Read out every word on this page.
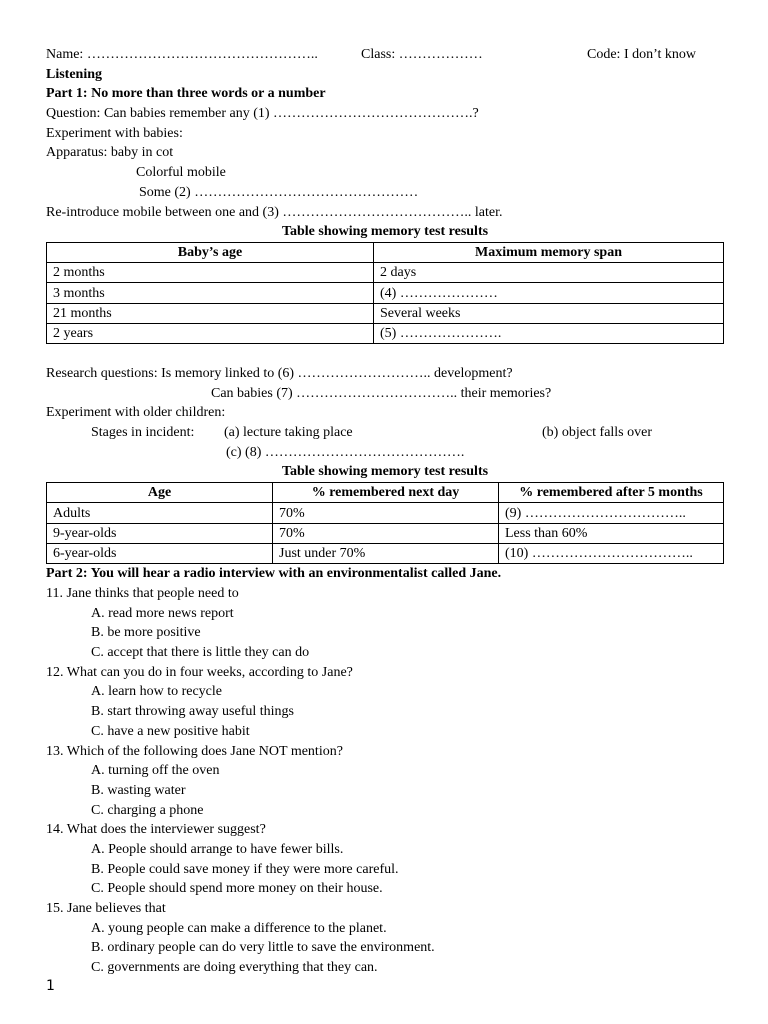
Name: …………………………………………..	Class: ………………	Code: I don’t know
Listening
Part 1: No more than three words or a number
Question: Can babies remember any (1) …………………………………….?
Experiment with babies:
Apparatus: baby in cot
Colorful mobile
Some (2) …………………………………………
Re-introduce mobile between one and (3) ………………………………….. later.
Table showing memory test results
Baby’s age	Maximum memory span
2 months	2 days
3 months	(4) …………………
21 months	Several weeks
2 years	(5) ………………….
Research questions: Is memory linked to (6) ……………………….. development?
Can babies (7) …………………………….. their memories?
Experiment with older children:
Stages in incident: (a) lecture taking place	(b) object falls over
(c) (8) …………………………………….
Table showing memory test results
Age	% remembered next day	% remembered after 5 months
Adults	70%	(9) ……………………………..
9-year-olds	70%	Less than 60%
6-year-olds	Just under 70%	(10) ……………………………..
Part 2: You will hear a radio interview with an environmentalist called Jane.
11. Jane thinks that people need to
A. read more news report
B. be more positive
C. accept that there is little they can do
12. What can you do in four weeks, according to Jane?
A. learn how to recycle
B. start throwing away useful things
C. have a new positive habit
13. Which of the following does Jane NOT mention?
A. turning off the oven
B. wasting water
C. charging a phone
14. What does the interviewer suggest?
A. People should arrange to have fewer bills.
B. People could save money if they were more careful.
C. People should spend more money on their house.
15. Jane believes that
A. young people can make a difference to the planet.
B. ordinary people can do very little to save the environment.
C. governments are doing everything that they can.
1
